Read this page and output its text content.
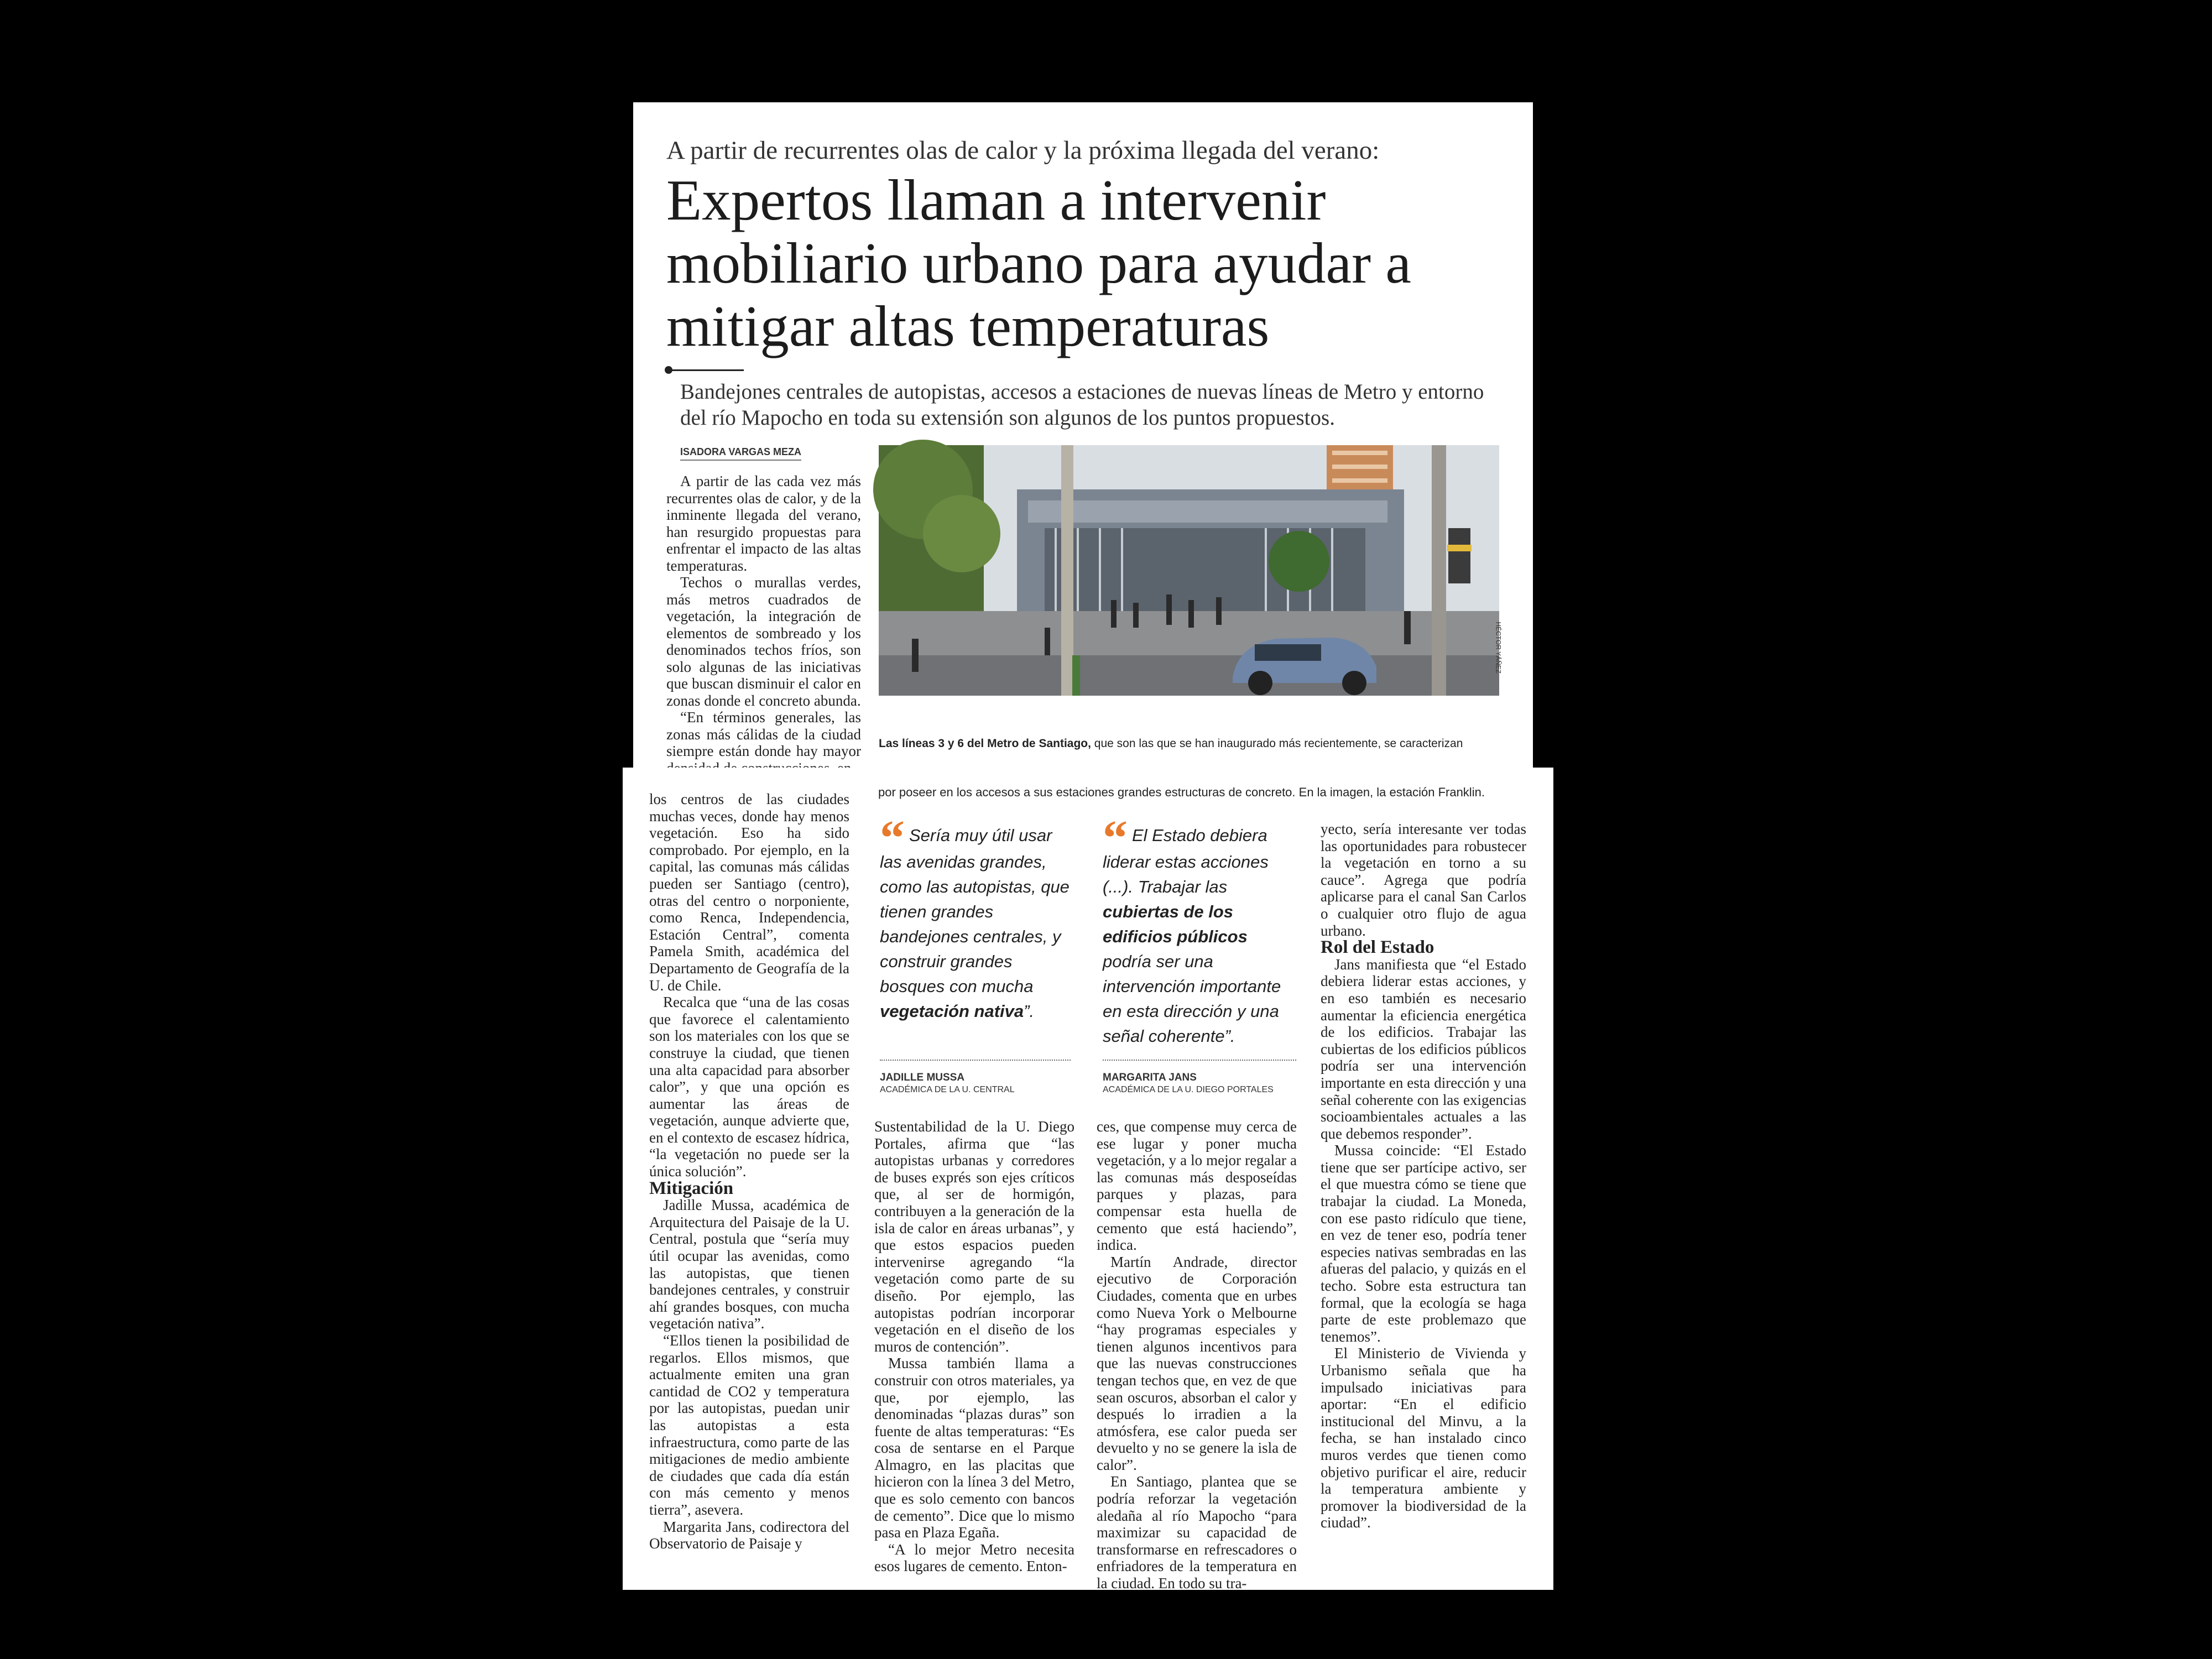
A partir de recurrentes olas de calor y la próxima llegada del verano:
Expertos llaman a intervenir mobiliario urbano para ayudar a mitigar altas temperaturas
Bandejones centrales de autopistas, accesos a estaciones de nuevas líneas de Metro y entorno del río Mapocho en toda su extensión son algunos de los puntos propuestos.
ISADORA VARGAS MEZA

A partir de las cada vez más recurrentes olas de calor, y de la inminente llegada del verano, han resurgido propuestas para enfrentar el impacto de las altas temperaturas.

Techos o murallas verdes, más metros cuadrados de vegetación, la integración de elementos de sombreado y los denominados techos fríos, son solo algunas de las iniciativas que buscan disminuir el calor en zonas donde el concreto abunda.

“En términos generales, las zonas más cálidas de la ciudad siempre están donde hay mayor

HÉCTOR YÁÑEZ
Las líneas 3 y 6 del Metro de Santiago, que son las que se han inaugurado más recientemente, se caracterizan
por poseer en los accesos a sus estaciones grandes estructuras de concreto. En la imagen, la estación Franklin.

los centros de las ciudades muchas veces, donde hay menos vegetación. Eso ha sido comprobado. Por ejemplo, en la capital, las comunas más cálidas pueden ser Santiago (centro), otras del centro o norponiente, como Renca, Independencia, Estación Central”, comenta Pamela Smith, académica del Departamento de Geografía de la U. de Chile.

Recalca que “una de las cosas que favorece el calentamiento son los materiales con los que se construye la ciudad, que tienen una alta capacidad para absorber calor”, y que una opción es aumentar las áreas de vegetación, aunque advierte que, en el contexto de escasez hídrica, “la vegetación no puede ser la única solución”.

Mitigación

Jadille Mussa, académica de Arquitectura del Paisaje de la U. Central, postula que “sería muy útil ocupar las avenidas, como las autopistas, que tienen bandejones centrales, y construir ahí grandes bosques, con mucha vegetación nativa”.

“Ellos tienen la posibilidad de regarlos. Ellos mismos, que actualmente emiten una gran cantidad de CO2 y temperatura por las autopistas, puedan unir las autopistas a esta infraestructura, como parte de las mitigaciones de medio ambiente de ciudades que cada día están con más cemento y menos tierra”, asevera.

Margarita Jans, codirectora del Observatorio de Paisaje y

“ Sería muy útil usar las avenidas grandes, como las autopistas, que tienen grandes bandejones centrales, y construir grandes bosques con mucha vegetación nativa”.
JADILLE MUSSA
ACADÉMICA DE LA U. CENTRAL
“ El Estado debiera liderar estas acciones (...). Trabajar las cubiertas de los edificios públicos podría ser una intervención importante en esta dirección y una señal coherente”.
MARGARITA JANS
ACADÉMICA DE LA U. DIEGO PORTALES

Sustentabilidad de la U. Diego Portales, afirma que “las autopistas urbanas y corredores de buses exprés son ejes críticos que, al ser de hormigón, contribuyen a la generación de la isla de calor en áreas urbanas”, y que estos espacios pueden intervenirse agregando “la vegetación como parte de su diseño. Por ejemplo, las autopistas podrían incorporar vegetación en el diseño de los muros de contención”.

Mussa también llama a construir con otros materiales, ya que, por ejemplo, las denominadas “plazas duras” son fuente de altas temperaturas: “Es cosa de sentarse en el Parque Almagro, en las placitas que hicieron con la línea 3 del Metro, que es solo cemento con bancos de cemento”. Dice que lo mismo pasa en Plaza Egaña.

“A lo mejor Metro necesita esos lugares de cemento. Enton-

ces, que compense muy cerca de ese lugar y poner mucha vegetación, y a lo mejor regalar a las comunas más desposeídas parques y plazas, para compensar esta huella de cemento que está haciendo”, indica.

Martín Andrade, director ejecutivo de Corporación Ciudades, comenta que en urbes como Nueva York o Melbourne “hay programas especiales y tienen algunos incentivos para que las nuevas construcciones tengan techos que, en vez de que sean oscuros, absorban el calor y después lo irradien a la atmósfera, ese calor pueda ser devuelto y no se genere la isla de calor”.

En Santiago, plantea que se podría reforzar la vegetación aledaña al río Mapocho “para maximizar su capacidad de transformarse en refrescadores o enfriadores de la temperatura en la ciudad. En todo su tra-

yecto, sería interesante ver todas las oportunidades para robustecer la vegetación en torno a su cauce”. Agrega que podría aplicarse para el canal San Carlos o cualquier otro flujo de agua urbano.

Rol del Estado

Jans manifiesta que “el Estado debiera liderar estas acciones, y en eso también es necesario aumentar la eficiencia energética de los edificios. Trabajar las cubiertas de los edificios públicos podría ser una intervención importante en esta dirección y una señal coherente con las exigencias socioambientales actuales a las que debemos responder”.

Mussa coincide: “El Estado tiene que ser partícipe activo, ser el que muestra cómo se tiene que trabajar la ciudad. La Moneda, con ese pasto ridículo que tiene, en vez de tener eso, podría tener especies nativas sembradas en las afueras del palacio, y quizás en el techo. Sobre esta estructura tan formal, que la ecología se haga parte de este problemazo que tenemos”.

El Ministerio de Vivienda y Urbanismo señala que ha impulsado iniciativas para aportar: “En el edificio institucional del Minvu, a la fecha, se han instalado cinco muros verdes que tienen como objetivo purificar el aire, reducir la temperatura ambiente y promover la biodiversidad de la ciudad”.
